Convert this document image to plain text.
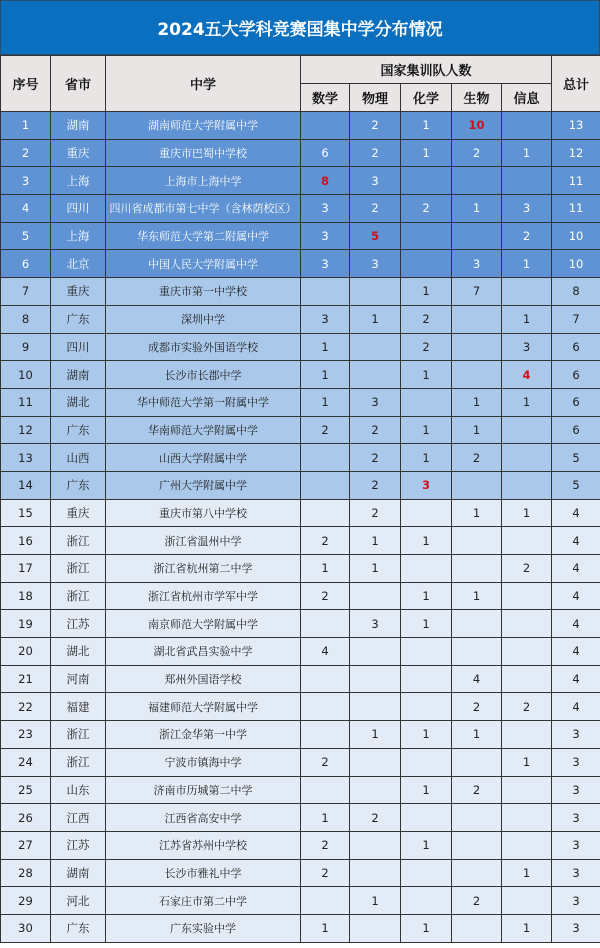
2024五大学科竞赛国集中学分布情况
序号	省市	中学	国家集训队人数					总计
			数学	物理	化学	生物	信息	
1	湖南	湖南师范大学附属中学		2	1	10		13
2	重庆	重庆市巴蜀中学校	6	2	1	2	1	12
3	上海	上海市上海中学	8	3				11
4	四川	四川省成都市第七中学（含林荫校区）	3	2	2	1	3	11
5	上海	华东师范大学第二附属中学	3	5			2	10
6	北京	中国人民大学附属中学	3	3		3	1	10
7	重庆	重庆市第一中学校			1	7		8
8	广东	深圳中学	3	1	2		1	7
9	四川	成都市实验外国语学校	1		2		3	6
10	湖南	长沙市长郡中学	1		1		4	6
11	湖北	华中师范大学第一附属中学	1	3		1	1	6
12	广东	华南师范大学附属中学	2	2	1	1		6
13	山西	山西大学附属中学		2	1	2		5
14	广东	广州大学附属中学		2	3			5
15	重庆	重庆市第八中学校		2		1	1	4
16	浙江	浙江省温州中学	2	1	1			4
17	浙江	浙江省杭州第二中学	1	1			2	4
18	浙江	浙江省杭州市学军中学	2		1	1		4
19	江苏	南京师范大学附属中学		3	1			4
20	湖北	湖北省武昌实验中学	4					4
21	河南	郑州外国语学校				4		4
22	福建	福建师范大学附属中学				2	2	4
23	浙江	浙江金华第一中学		1	1	1		3
24	浙江	宁波市镇海中学	2				1	3
25	山东	济南市历城第二中学			1	2		3
26	江西	江西省高安中学	1	2				3
27	江苏	江苏省苏州中学校	2		1			3
28	湖南	长沙市雅礼中学	2				1	3
29	河北	石家庄市第二中学		1		2		3
30	广东	广东实验中学	1		1		1	3
